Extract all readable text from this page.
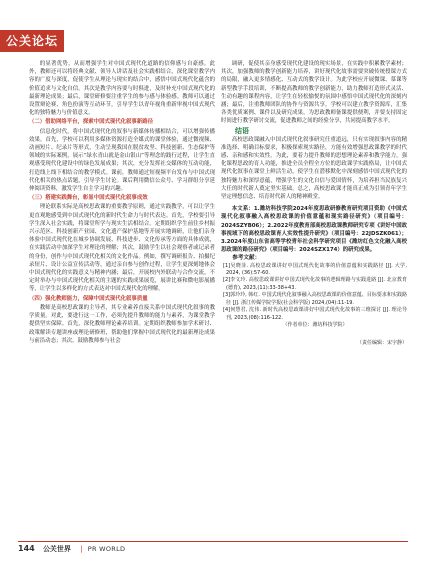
公关论坛

的显著优势，从而增强学生对中国式现代化道路的信仰感与自豪感。此外，教师还可以将经典文献、领导人讲话及社会实践相结合，深化课堂教学内容的广度与深度，促使学生从理论与现实的结合中，感悟中国式现代化蕴含的价值追求与文化自信。其次是教学内容要与时俱进，及时补充中国式现代化的最新理论成果；最后，课堂研修要注重学生的参与感与体验感。教师可以通过设置辩论赛、角色扮演等互动环节，引导学生以青年视角重新审视中国式现代化的独特魅力与价值意义。

（二）借助网络平台，探索中国式现代化叙事新路径

信息化时代，将中国式现代化的叙事与新媒体传播相结合，可以增强传播效果。首先，学校可以利用多媒体资源打造全媒式的课堂体验，通过微视频、动画短片、纪录片等形式，生动呈现我国在脱贫攻坚、科技创新、生态保护等领域的实际案例，展示“绿水青山就是金山银山”等理念的践行过程，让学生直观感受现代化建设中的绿色发展成果；其次，充分发挥社交媒体的互动功能，打造线上线下相结合的教学模式。课前，教师通过短视频平台发布与中国式现代化相关的热点话题，引导学生讨论。课后利用微信公众号、学习群组分享延伸阅读资料，激发学生自主学习的兴趣。

（三）搭建实践舞台，彰显中国式现代化叙事成效

理论联系实际是高校思政课的重要教学原则，通过实践教学，可以让学生更直观地感受到中国式现代化的新时代生命力与时代表达。首先，学校要引导学生深入社会实践，将课堂所学与现实生活相结合。定期组织学生前往乡村振兴示范区、科技创新产业园、文化遗产保护基地等开展实地调研，让他们亲身体验中国式现代化在城乡协调发展、科技进步、文化传承等方面的具体成就，在实践活动中加深学生对理论的理解；其次，鼓励学生以社会观察者或记录者的身份，创作与中国式现代化相关的文化作品。例如，撰写调研报告、拍摄纪录短片、设计公益宣传活动等，通过亲自参与创作过程，让学生更深刻地体会中国式现代化的实践意义与精神内涵；最后，开展校内外联动与合作交流，不定时举办与中国式现代化相关的主题的实践成果展览，展讲比赛和微电影展播等，让学生以多样化的方式表达对中国式现代化的理解。

（四）强化教师能力，保障中国式现代化叙事质量

教师是高校思政课的主导者，其专业素养直接关系中国式现代化叙事的教学质量。对此，要进行这一工作，必须先提升教师的能力与素养，为课堂教学提供坚实保障。首先，深化教师理论素养培训。定期组织教师参加学术研讨、政策解读专题讲座或理论研修班，帮助他们掌握中国式现代化的最新理论成果与前沿动态；其次，鼓励教师参与社会

调研，促使其亲身感受现代化建设的现实场景，在实践中积累教学素材；其次，加强教师的教学创新能力培养，讲好现代化故事需要突破传统授课方式的局限，融入更多情感化、互动式的教学设计。为此学校应开展微课、慕课等新型教学手段培训，不断提高教师的教学创新能力，助力教师打造形式灵活、生动有趣的课程内容，让学生在轻松愉悦的氛围中感悟中国式现代化的深刻内涵；最后，注重教师团队的协作与资源共享。学校可以建立教学资源库，汇集各类优质案例、课件以及研究成果，为思政教师备课提供便利，并要支持固定时间进行教学研讨交流，促进教师之间的经验分享，共同提高教学水平。

结语

高校思政课融入中国式现代化叙事研究任重道远，只有实现叙事内容的精准选择、明确目标要求，积极探索现实路径，方能有效增强思政课教学的时代感、亲和感和实效性。为此，要着力提升教师的思想理论素养和教学能力，强化课程思政的育人功能，推进全员全程全方位的思政课学实践格局，让中国式现代化叙事在课堂上鲜活生动，使学生在潜移默化中深刻感悟中国式现代化的独特魅力和深厚意蕴，增强学生的文化自信与爱国情怀，为培养担当民族复兴大任的时代新人奠定坚实基础。总之，高校思政课才能真正成为引领青年学生坚定理想信念、培育时代新人的精神殿堂。

本文系：1.潍坊科技学院2024年度思政研修教育研究项目资助《中国式现代化叙事融入高校思政课的价值意蕴和现实路径研究》（项目编号：2024SZYB06）；2.2022年度教育部高校思政课教师研究专项《讲好中国故事视域下的高校思政课育人实效性提升研究》（项目编号：22JDSZK061）；3.2024年度山东省高等学校青年社会科学研究项目《潍坊红色文化融入高校思政课的路径研究》（项目编号：2024SZX174）的研究成果。

参考文献：

[1]吴晓菲. 高校思政课讲好中国式现代化故事的价值意蕴和实践路径 [J]. 大学, 2024, (36):57-60.

[2]李文玲. 高校思政课讲好中国式现代化故事的逻辑理路与实践进路 [J]. 北京教育(德育), 2023,(11):33-38+43.

[3]郭玲玲, 韩红. 中国式现代化叙事融入高校思政课的价值意蕴、目标要求和实践路径 [J]. 浙江传媒学院学报(社会科学版) 2024,(04):11-19.

[4]何慧君, 沈伟. 新时代高校思政课讲好中国式现代化故事的三维探讨 [J]. 理论导刊, 2023,(08):116-122.

（作者单位：潍坊科技学院）

（责任编辑：宋宇静）

144 公关世界 | PR WORLD
